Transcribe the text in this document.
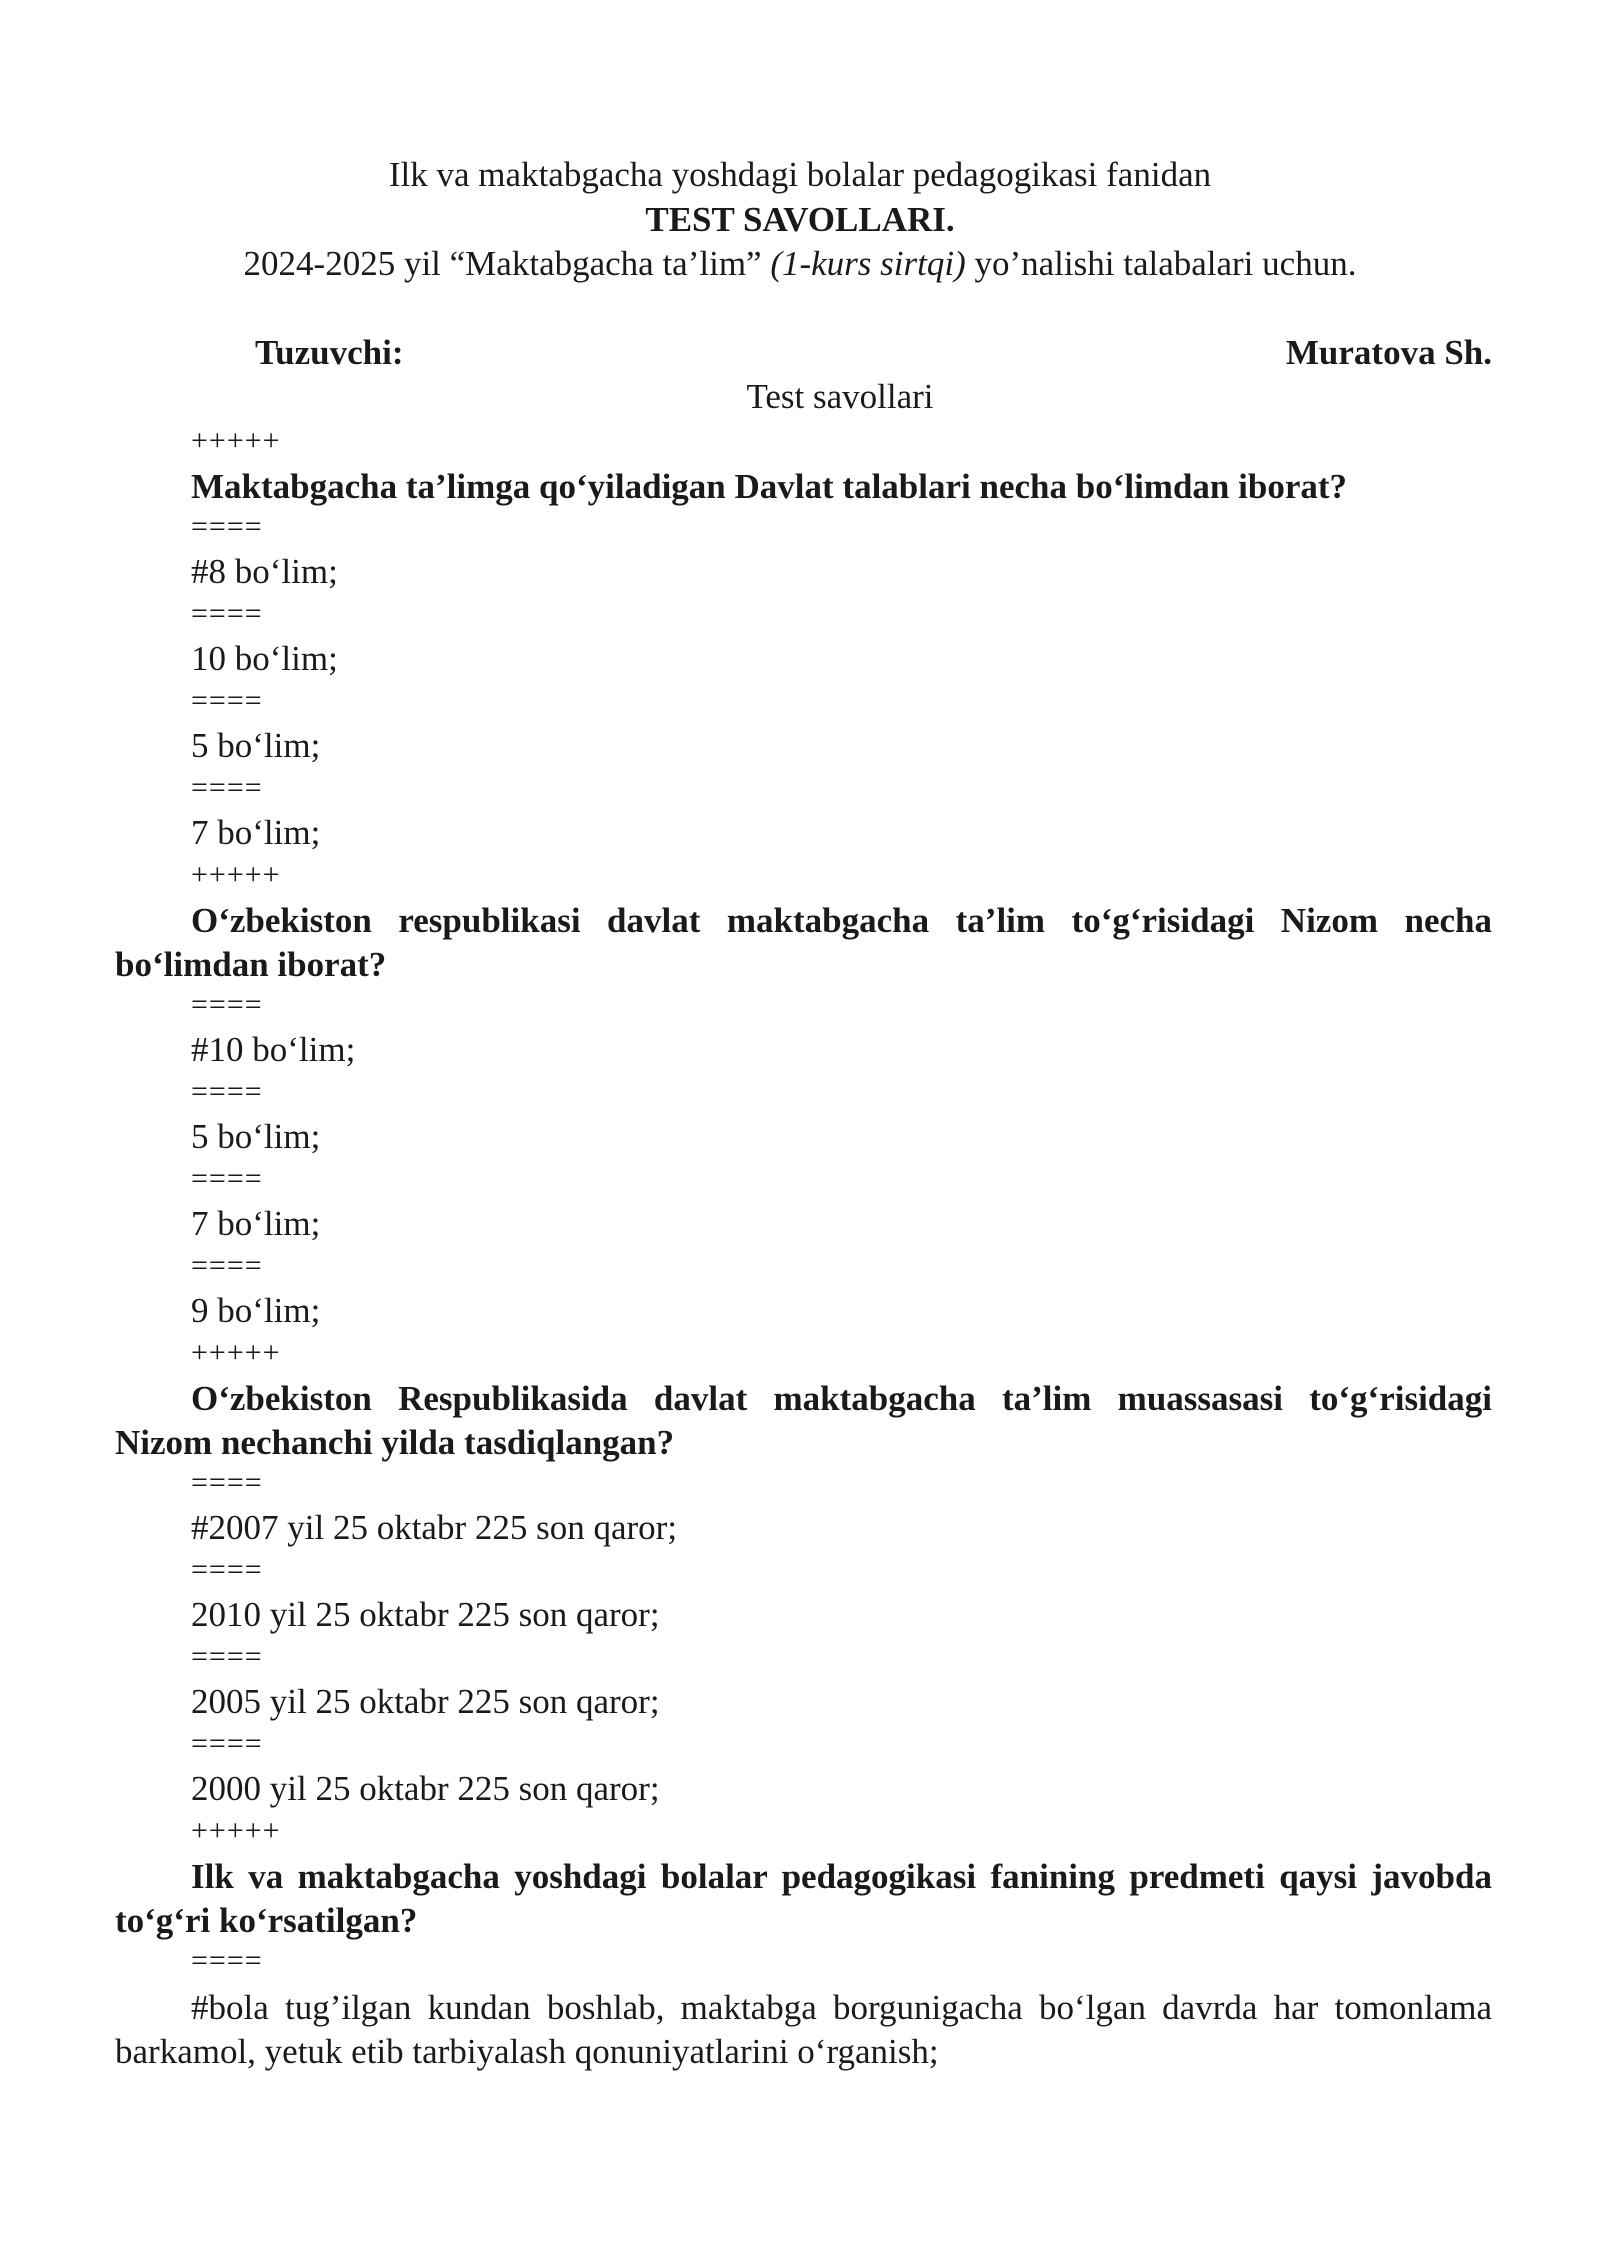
Ilk va maktabgacha yoshdagi bolalar pedagogikasi fanidan
TEST SAVOLLARI.
2024-2025 yil “Maktabgacha ta’lim” (1-kurs sirtqi) yo’nalishi talabalari uchun.
Tuzuvchi:	Muratova Sh.
Test savollari
+++++
Maktabgacha ta’limga qo‘yiladigan Davlat talablari necha bo‘limdan iborat?
====
#8 bo‘lim;
====
10 bo‘lim;
====
5 bo‘lim;
====
7 bo‘lim;
+++++
O‘zbekiston respublikasi davlat maktabgacha ta’lim to‘g‘risidagi Nizom necha bo‘limdan iborat?
====
#10 bo‘lim;
====
5 bo‘lim;
====
7 bo‘lim;
====
9 bo‘lim;
+++++
O‘zbekiston Respublikasida davlat maktabgacha ta’lim muassasasi to‘g‘risidagi Nizom nechanchi yilda tasdiqlangan?
====
#2007 yil 25 oktabr 225 son qaror;
====
2010 yil 25 oktabr 225 son qaror;
====
2005 yil 25 oktabr 225 son qaror;
====
2000 yil 25 oktabr 225 son qaror;
+++++
Ilk va maktabgacha yoshdagi bolalar pedagogikasi fanining predmeti qaysi javobda to‘g‘ri ko‘rsatilgan?
====
#bola tug’ilgan kundan boshlab, maktabga borgunigacha bo‘lgan davrda har tomonlama barkamol, yetuk etib tarbiyalash qonuniyatlarini o‘rganish;
